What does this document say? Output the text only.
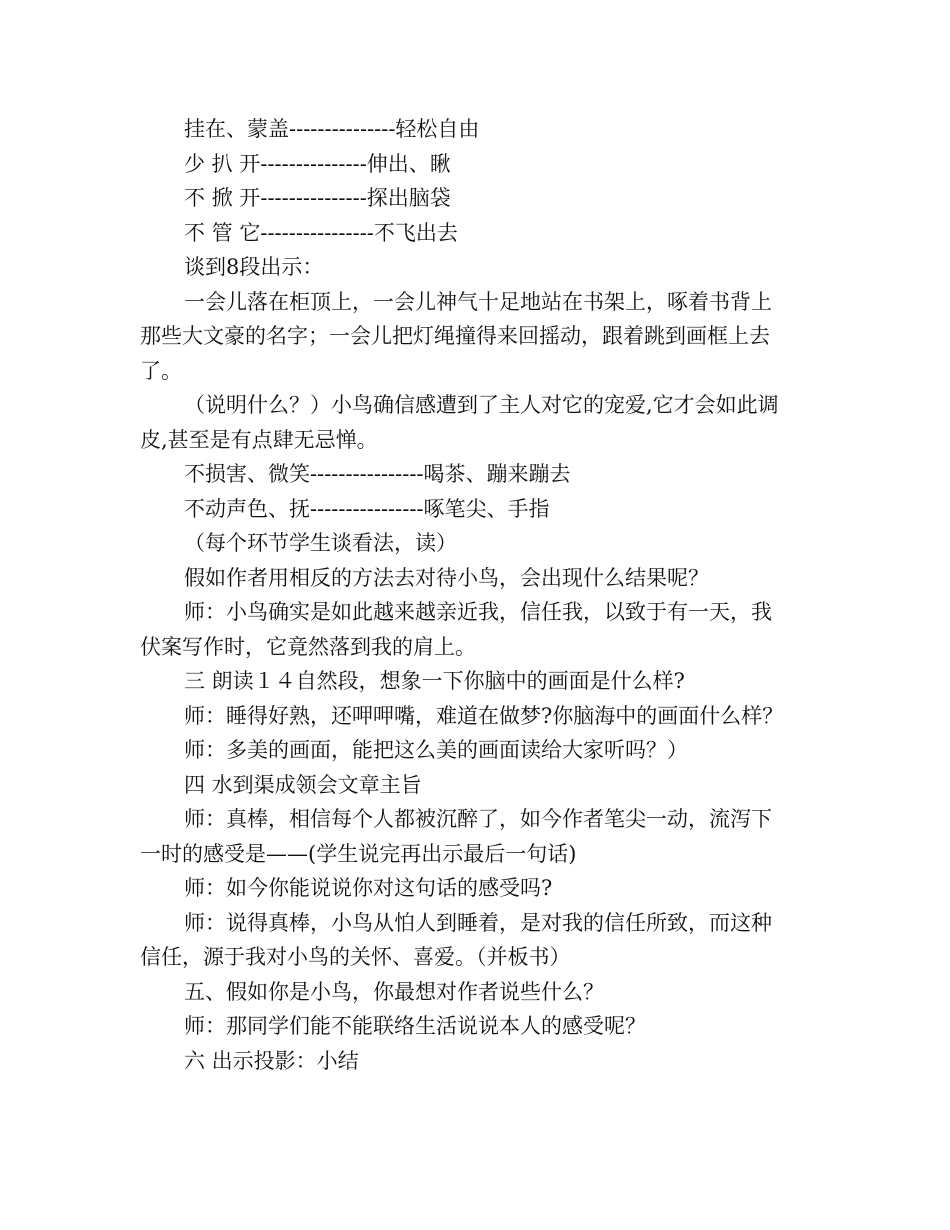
挂在、蒙盖---------------轻松自由
少 扒 开---------------伸出、瞅
不 掀 开---------------探出脑袋
不 管 它----------------不飞出去
谈到8段出示：
一会儿落在柜顶上，一会儿神气十足地站在书架上，啄着书背上
那些大文豪的名字；一会儿把灯绳撞得来回摇动，跟着跳到画框上去
了。
（说明什么？）小鸟确信感遭到了主人对它的宠爱,它才会如此调
皮,甚至是有点肆无忌惮。
不损害、微笑----------------喝茶、蹦来蹦去
不动声色、抚----------------啄笔尖、手指
（每个环节学生谈看法，读）
假如作者用相反的方法去对待小鸟，会出现什么结果呢？
师：小鸟确实是如此越来越亲近我，信任我，以致于有一天，我
伏案写作时，它竟然落到我的肩上。
三 朗读１４自然段，想象一下你脑中的画面是什么样?
师：睡得好熟，还呷呷嘴，难道在做梦?你脑海中的画面什么样？
师：多美的画面，能把这么美的画面读给大家听吗？）
四 水到渠成领会文章主旨
师：真棒，相信每个人都被沉醉了，如今作者笔尖一动，流泻下
一时的感受是——(学生说完再出示最后一句话)
师：如今你能说说你对这句话的感受吗?
师：说得真棒，小鸟从怕人到睡着，是对我的信任所致，而这种
信任，源于我对小鸟的关怀、喜爱。（并板书）
五、假如你是小鸟，你最想对作者说些什么？
师：那同学们能不能联络生活说说本人的感受呢？
六 出示投影：小结
